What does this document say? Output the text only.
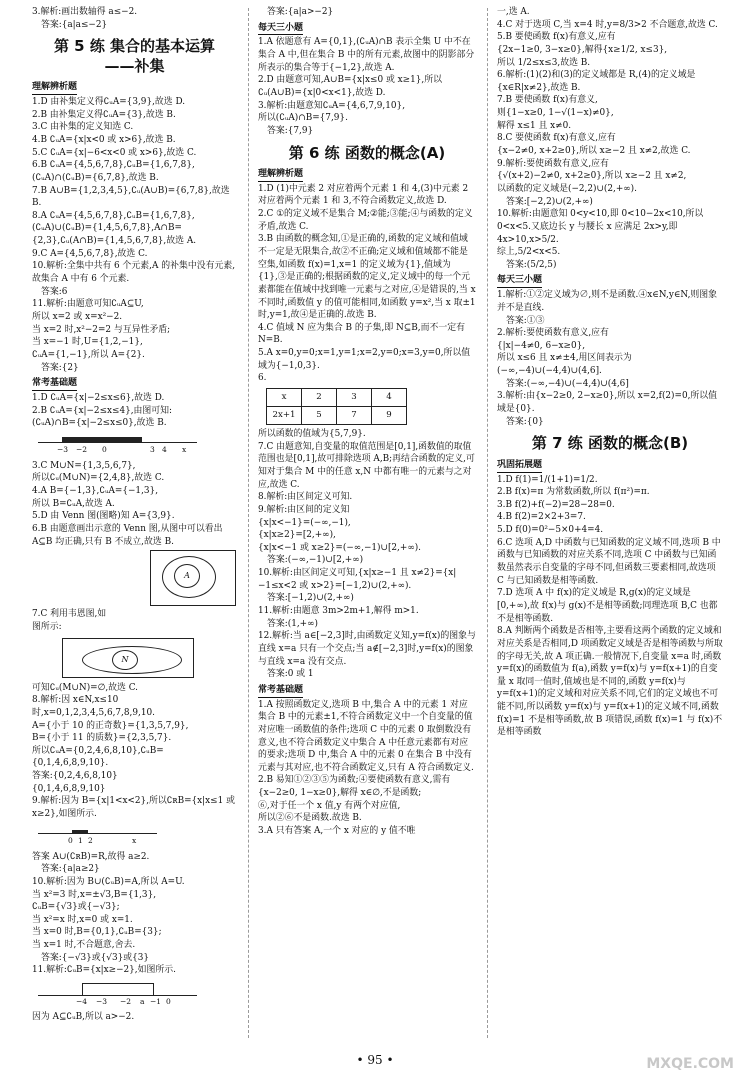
3.解析:画出数轴得 a≤−2.

答案:{a|a≤−2}

第 5 练 集合的基本运算
——补集

理解辨析题

1.D 由补集定义得∁ᵤA={3,9},故选 D.

2.B 由补集定义得∁ᵤA={3},故选 B.

3.C 由补集的定义知选 C.

4.B ∁ᵤA={x|x<0 或 x>6},故选 B.

5.C ∁ᵤA={x|−6<x<0 或 x>6},故选 C.

6.B ∁ᵤA={4,5,6,7,8},∁ᵤB={1,6,7,8},(∁ᵤA)∩(∁ᵤB)={6,7,8},故选 B.

7.B A∪B={1,2,3,4,5},∁ᵤ(A∪B)={6,7,8},故选 B.

8.A ∁ᵤA={4,5,6,7,8},∁ᵤB={1,6,7,8},(∁ᵤA)∪(∁ᵤB)={1,4,5,6,7,8},A∩B={2,3},∁ᵤ(A∩B)={1,4,5,6,7,8},故选 A.

9.C A={4,5,6,7,8},故选 C.

10.解析:全集中共有 6 个元素,A 的补集中没有元素,故集合 A 中有 6 个元素.

答案:6

11.解析:由题意可知∁ᵤA⊆U,
所以 x=2 或 x=x²−2.
当 x=2 时,x²−2=2 与互异性矛盾;
当 x=−1 时,U={1,2,−1},
∁ᵤA={1,−1},所以 A={2}.

答案:{2}

常考基础题

1.D ∁ᵤA={x|−2≤x≤6},故选 D.

2.B ∁ᵤA={x|−2≤x≤4},由图可知:
(∁ᵤA)∩B={x|−2≤x≤0},故选 B.

−3 −2 0	3 4 x

3.C M∪N={1,3,5,6,7},
所以∁ᵤ(M∪N)={2,4,8},故选 C.

4.A B={−1,3},∁ᵤA={−1,3},
所以 B=∁ᵤA,故选 A.

5.D 由 Venn 图(图略)知 A={3,9}.

6.B 由题意画出示意的 Venn 图,从图中可以看出 A⊆B 均正确,只有 B 不成立,故选 B.

A

7.C 利用韦恩图,如
图所示:

N

可知∁ᵤ(M∪N)=∅,故选 C.

8.解析:因 x∈N,x≤10 时,x=0,1,2,3,4,5,6,7,8,9,10.
A={小于 10 的正奇数}={1,3,5,7,9},
B={小于 11 的质数}={2,3,5,7}.
所以∁ᵤA={0,2,4,6,8,10},∁ᵤB={0,1,4,6,8,9,10}.
答案:{0,2,4,6,8,10}
{0,1,4,6,8,9,10}

9.解析:因为 B={x|1<x<2},所以∁ʀB={x|x≤1 或 x≥2},如图所示.

0 1 2	x

答案 A∪(∁ʀB)=R,故得 a≥2.

答案:{a|a≥2}

10.解析:因为 B∪(∁ᵤB)=A,所以 A=U.
当 x²=3 时,x=±√3,B={1,3},
∁ᵤB={√3}或{−√3};
当 x²=x 时,x=0 或 x=1.
当 x=0 时,B={0,1},∁ᵤB={3};
当 x=1 时,不合题意,舍去.

答案:{−√3}或{√3}或{3}

11.解析:∁ᵤB={x|x≥−2},如图所示.

−4 −3 −2 a −1 0

因为 A⊆∁ᵤB,所以 a>−2.

答案:{a|a>−2}

每天三小题

1.A 依题意有 A={0,1},(∁ᵤA)∩B 表示全集 U 中不在集合 A 中,但在集合 B 中的所有元素,故图中的阴影部分所表示的集合等于{−1,2},故选 A.

2.D 由题意可知,A∪B={x|x≤0 或 x≥1},所以∁ᵤ(A∪B)={x|0<x<1},故选 D.

3.解析:由题意知∁ᵤA={4,6,7,9,10},
所以(∁ᵤA)∩B={7,9}.

答案:{7,9}

第 6 练 函数的概念(A)

理解辨析题

1.D (1)中元素 2 对应着两个元素 1 和 4,(3)中元素 2 对应着两个元素 1 和 3,不符合函数定义,故选 D.

2.C ①的定义域不是集合 M;②能;③能;④与函数的定义矛盾,故选 C.

3.B 由函数的概念知,①是正确的,函数的定义域和值域不一定是无限集合,故②不正确;定义域和值域都不能是空集,如函数 f(x)=1,x=1 的定义域为{1},值域为{1},③是正确的;根据函数的定义,定义域中的每一个元素都能在值域中找到唯一元素与之对应,④是错误的,当 x 不同时,函数值 y 的值可能相同,如函数 y=x²,当 x 取±1 时,y=1,故④是正确的.故选 B.

4.C 值域 N 应为集合 B 的子集,即 N⊆B,而不一定有 N=B.

5.A x=0,y=0;x=1,y=1;x=2,y=0;x=3,y=0,所以值域为{−1,0,3}.

6.

x	2	3	4
2x+1	5	7	9

所以函数的值域为{5,7,9}.

7.C 由题意知,自变量的取值范围是[0,1],函数值的取值范围也是[0,1],故可排除选项 A,B;再结合函数的定义,可知对于集合 M 中的任意 x,N 中都有唯一的元素与之对应,故选 C.

8.解析:由区间定义可知.

9.解析:由区间的定义知
{x|x<−1}=(−∞,−1),
{x|x≥2}=[2,+∞),
{x|x<−1 或 x≥2}=(−∞,−1)∪[2,+∞).

答案:(−∞,−1)∪[2,+∞)

10.解析:由区间定义可知,{x|x≥−1 且 x≠2}={x|−1≤x<2 或 x>2}=[−1,2)∪(2,+∞).

答案:[−1,2)∪(2,+∞)

11.解析:由题意 3m>2m+1,解得 m>1.

答案:(1,+∞)

12.解析:当 a∈[−2,3]时,由函数定义知,y=f(x)的图象与直线 x=a 只有一个交点;当 a∉[−2,3]时,y=f(x)的图象与直线 x=a 没有交点.

答案:0 或 1

常考基础题

1.A 按照函数定义,选项 B 中,集合 A 中的元素 1 对应集合 B 中的元素±1,不符合函数定义中一个自变量的值对应唯一函数值的条件;选项 C 中的元素 0 取倒数没有意义,也不符合函数定义中集合 A 中任意元素都有对应的要求;选项 D 中,集合 A 中的元素 0 在集合 B 中没有元素与其对应,也不符合函数定义,只有 A 符合函数定义.

2.B 易知①②③⑤为函数;④要使函数有意义,需有{x−2≥0, 1−x≥0},解得 x∈∅,不是函数;
⑥,对于任一个 x 值,y 有两个对应值,
所以②⑥不是函数.故选 B.

3.A 只有答案 A,一个 x 对应的 y 值不唯

一,选 A.

4.C 对于选项 C,当 x=4 时,y=8/3>2 不合题意,故选 C.

5.B 要使函数 f(x)有意义,应有
{2x−1≥0, 3−x≥0},解得{x≥1/2, x≤3},
所以 1/2≤x≤3,故选 B.

6.解析:(1)(2)和(3)的定义域都是 R,(4)的定义域是{x∈R|x≠2},故选 B.

7.B 要使函数 f(x)有意义,
则{1−x≥0, 1−√(1−x)≠0},
解得 x≤1 且 x≠0.

8.C 要使函数 f(x)有意义,应有
{x−2≠0, x+2≥0},所以 x≥−2 且 x≠2,故选 C.

9.解析:要使函数有意义,应有
{√(x+2)−2≠0, x+2≥0},所以 x≥−2 且 x≠2,
以函数的定义域是(−2,2)∪(2,+∞).

答案:[−2,2)∪(2,+∞)

10.解析:由题意知 0<y<10,即 0<10−2x<10,所以 0<x<5.又底边长 y 与腰长 x 应满足 2x>y,即 4x>10,x>5/2.
综上,5/2<x<5.

答案:(5/2,5)

每天三小题

1.解析:①②定义域为∅,则不是函数.④x∈N,y∈N,则图象并不是直线.

答案:①③

2.解析:要使函数有意义,应有
{|x|−4≠0, 6−x≥0},
所以 x≤6 且 x≠±4,用区间表示为
(−∞,−4)∪(−4,4)∪(4,6].

答案:(−∞,−4)∪(−4,4)∪(4,6]

3.解析:由{x−2≥0, 2−x≥0},所以 x=2,f(2)=0,所以值域是{0}.

答案:{0}

第 7 练 函数的概念(B)

巩固拓展题

1.D f(1)=1/(1+1)=1/2.

2.B f(x)=π 为常数函数,所以 f(π²)=π.

3.B f(2)+f(−2)=28−28=0.

4.B f(2)=2×2+3=7.

5.D f(0)=0²−5×0+4=4.

6.C 选项 A,D 中函数与已知函数的定义域不同,选项 B 中函数与已知函数的对应关系不同,选项 C 中函数与已知函数虽然表示自变量的字母不同,但函数三要素相同,故选项 C 与已知函数是相等函数.

7.D 选项 A 中 f(x)的定义域是 R,g(x)的定义域是[0,+∞),故 f(x)与 g(x)不是相等函数;同理选项 B,C 也都不是相等函数.

8.A 判断两个函数是否相等,主要看这两个函数的定义域和对应关系是否相同,D 项函数定义域是否是相等函数与所取的字母无关,故 A 项正确.一般情况下,自变量 x=a 时,函数 y=f(x)的函数值为 f(a),函数 y=f(x)与 y=f(x+1)的自变量 x 取同一值时,值域也是不同的,函数 y=f(x)与 y=f(x+1)的定义域和对应关系不同,它们的定义域也不可能不同,所以函数 y=f(x)与 y=f(x+1)的定义域不同,函数 f(x)=1 不是相等函数,故 B 项错误,函数 f(x)=1 与 f(x)不是相等函数

• 95 •	MXQE.COM
